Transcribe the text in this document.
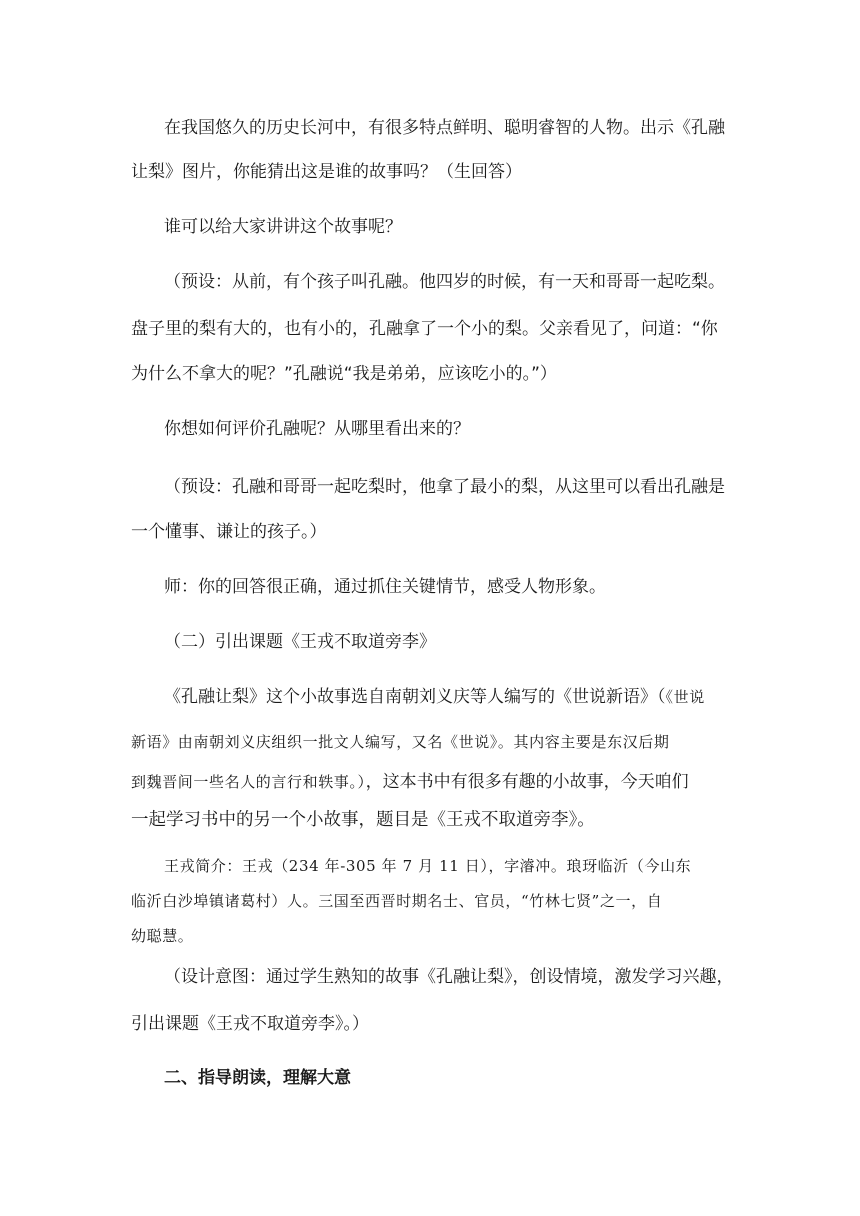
在我国悠久的历史长河中，有很多特点鲜明、聪明睿智的人物。出示《孔融
让梨》图片，你能猜出这是谁的故事吗？（生回答）
谁可以给大家讲讲这个故事呢？
（预设：从前，有个孩子叫孔融。他四岁的时候，有一天和哥哥一起吃梨。
盘子里的梨有大的，也有小的，孔融拿了一个小的梨。父亲看见了，问道：“你
为什么不拿大的呢？”孔融说“我是弟弟，应该吃小的。”）
你想如何评价孔融呢？从哪里看出来的？
（预设：孔融和哥哥一起吃梨时，他拿了最小的梨，从这里可以看出孔融是
一个懂事、谦让的孩子。）
师：你的回答很正确，通过抓住关键情节，感受人物形象。
（二）引出课题《王戎不取道旁李》
《孔融让梨》这个小故事选自南朝刘义庆等人编写的《世说新语》（《世说
新语》由南朝刘义庆组织一批文人编写，又名《世说》。其内容主要是东汉后期
到魏晋间一些名人的言行和轶事。），这本书中有很多有趣的小故事，今天咱们
一起学习书中的另一个小故事，题目是《王戎不取道旁李》。
王戎简介：王戎（234 年-305 年 7 月 11 日），字濬冲。琅玡临沂（今山东
临沂白沙埠镇诸葛村）人。三国至西晋时期名士、官员，“竹林七贤”之一，自
幼聪慧。
（设计意图：通过学生熟知的故事《孔融让梨》，创设情境，激发学习兴趣，
引出课题《王戎不取道旁李》。）
二、指导朗读，理解大意
